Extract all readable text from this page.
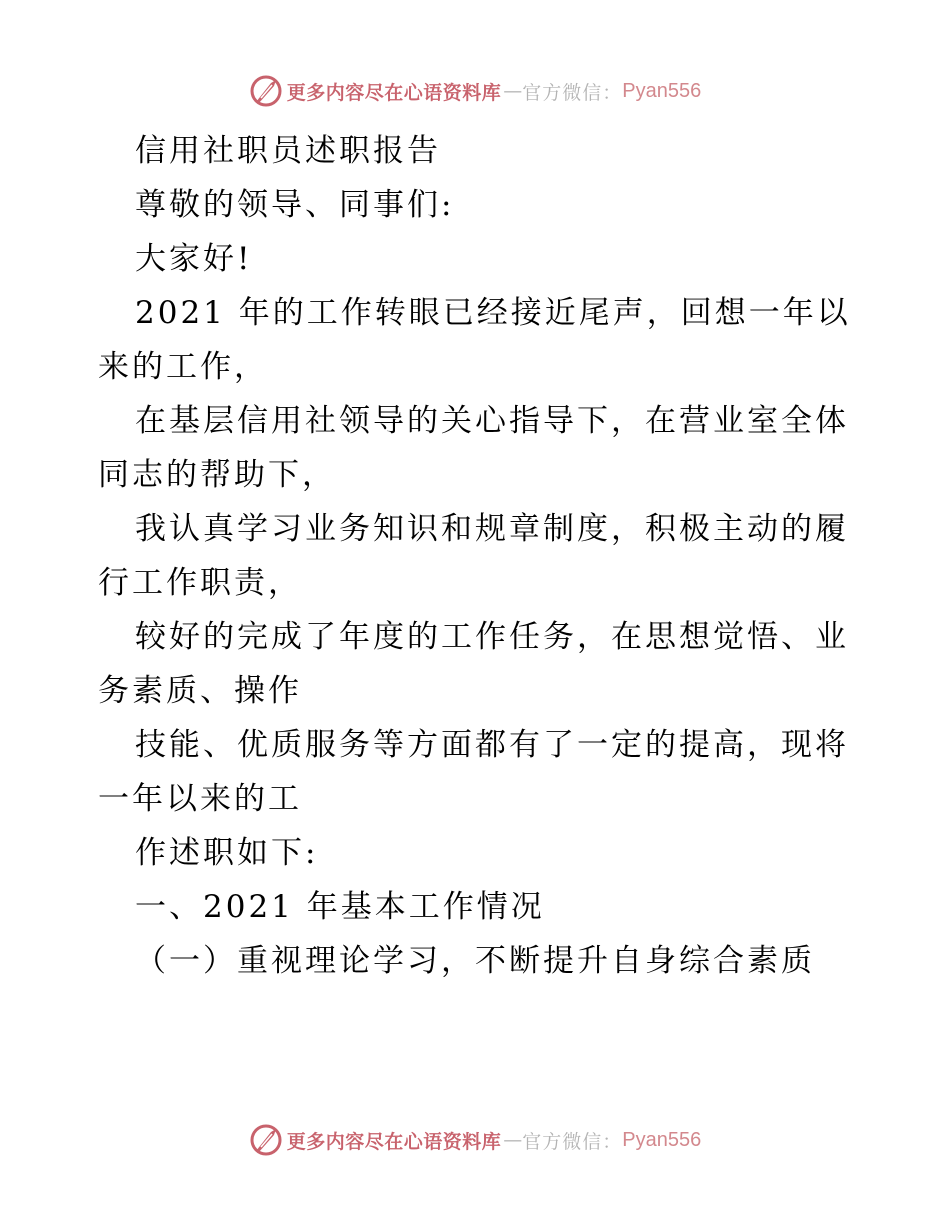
更多内容尽在心语资料库 — 官方微信： Pyan556
信用社职员述职报告
尊敬的领导、同事们:
大家好!
2021 年的工作转眼已经接近尾声，回想一年以
来的工作，
在基层信用社领导的关心指导下，在营业室全体
同志的帮助下，
我认真学习业务知识和规章制度，积极主动的履
行工作职责，
较好的完成了年度的工作任务，在思想觉悟、业
务素质、操作
技能、优质服务等方面都有了一定的提高，现将
一年以来的工
作述职如下:
一、2021 年基本工作情况
（一）重视理论学习，不断提升自身综合素质
更多内容尽在心语资料库 — 官方微信： Pyan556
